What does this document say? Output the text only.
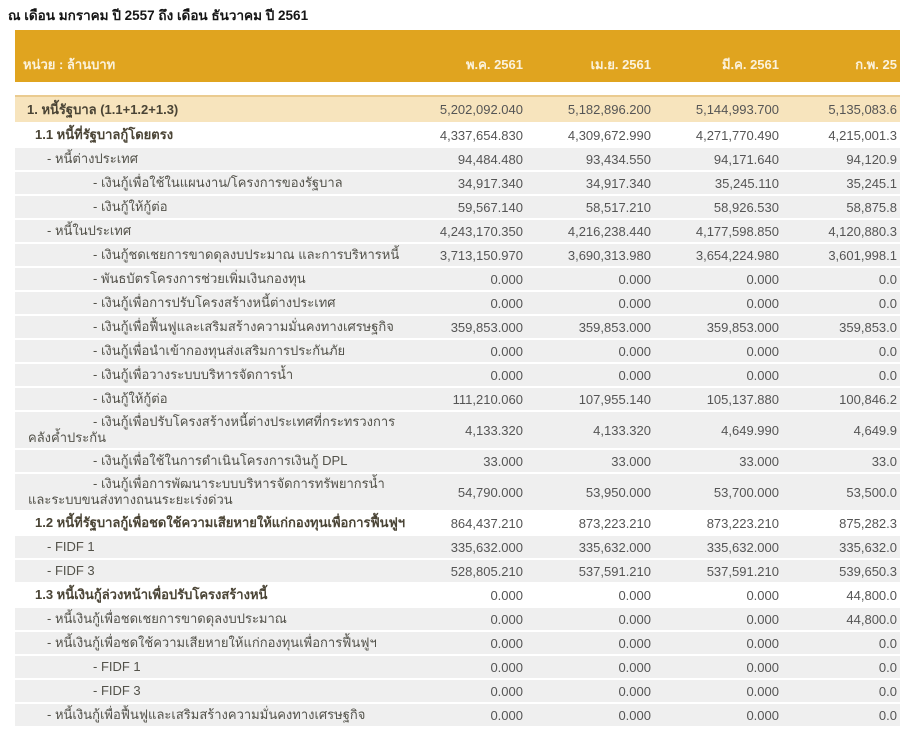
ณ เดือน มกราคม ปี 2557 ถึง เดือน ธันวาคม ปี 2561
หน่วย : ล้านบาท	พ.ค. 2561	เม.ย. 2561	มี.ค. 2561	ก.พ. 25
1. หนี้รัฐบาล (1.1+1.2+1.3)	5,202,092.040	5,182,896.200	5,144,993.700	5,135,083.6
1.1 หนี้ที่รัฐบาลกู้โดยตรง	4,337,654.830	4,309,672.990	4,271,770.490	4,215,001.3
- หนี้ต่างประเทศ	94,484.480	93,434.550	94,171.640	94,120.9
- เงินกู้เพื่อใช้ในแผนงาน/โครงการของรัฐบาล	34,917.340	34,917.340	35,245.110	35,245.1
- เงินกู้ให้กู้ต่อ	59,567.140	58,517.210	58,926.530	58,875.8
- หนี้ในประเทศ	4,243,170.350	4,216,238.440	4,177,598.850	4,120,880.3
- เงินกู้ชดเชยการขาดดุลงบประมาณ และการบริหารหนี้	3,713,150.970	3,690,313.980	3,654,224.980	3,601,998.1
- พันธบัตรโครงการช่วยเพิ่มเงินกองทุน	0.000	0.000	0.000	0.0
- เงินกู้เพื่อการปรับโครงสร้างหนี้ต่างประเทศ	0.000	0.000	0.000	0.0
- เงินกู้เพื่อฟื้นฟูและเสริมสร้างความมั่นคงทางเศรษฐกิจ	359,853.000	359,853.000	359,853.000	359,853.0
- เงินกู้เพื่อนำเข้ากองทุนส่งเสริมการประกันภัย	0.000	0.000	0.000	0.0
- เงินกู้เพื่อวางระบบบริหารจัดการน้ำ	0.000	0.000	0.000	0.0
- เงินกู้ให้กู้ต่อ	111,210.060	107,955.140	105,137.880	100,846.2
- เงินกู้เพื่อปรับโครงสร้างหนี้ต่างประเทศที่กระทรวงการคลังค้ำประกัน	4,133.320	4,133.320	4,649.990	4,649.9
- เงินกู้เพื่อใช้ในการดำเนินโครงการเงินกู้ DPL	33.000	33.000	33.000	33.0
- เงินกู้เพื่อการพัฒนาระบบบริหารจัดการทรัพยากรน้ำและระบบขนส่งทางถนนระยะเร่งด่วน	54,790.000	53,950.000	53,700.000	53,500.0
1.2 หนี้ที่รัฐบาลกู้เพื่อชดใช้ความเสียหายให้แก่กองทุนเพื่อการฟื้นฟูฯ	864,437.210	873,223.210	873,223.210	875,282.3
- FIDF 1	335,632.000	335,632.000	335,632.000	335,632.0
- FIDF 3	528,805.210	537,591.210	537,591.210	539,650.3
1.3 หนี้เงินกู้ล่วงหน้าเพื่อปรับโครงสร้างหนี้	0.000	0.000	0.000	44,800.0
- หนี้เงินกู้เพื่อชดเชยการขาดดุลงบประมาณ	0.000	0.000	0.000	44,800.0
- หนี้เงินกู้เพื่อชดใช้ความเสียหายให้แก่กองทุนเพื่อการฟื้นฟูฯ	0.000	0.000	0.000	0.0
- FIDF 1	0.000	0.000	0.000	0.0
- FIDF 3	0.000	0.000	0.000	0.0
- หนี้เงินกู้เพื่อฟื้นฟูและเสริมสร้างความมั่นคงทางเศรษฐกิจ	0.000	0.000	0.000	0.0
